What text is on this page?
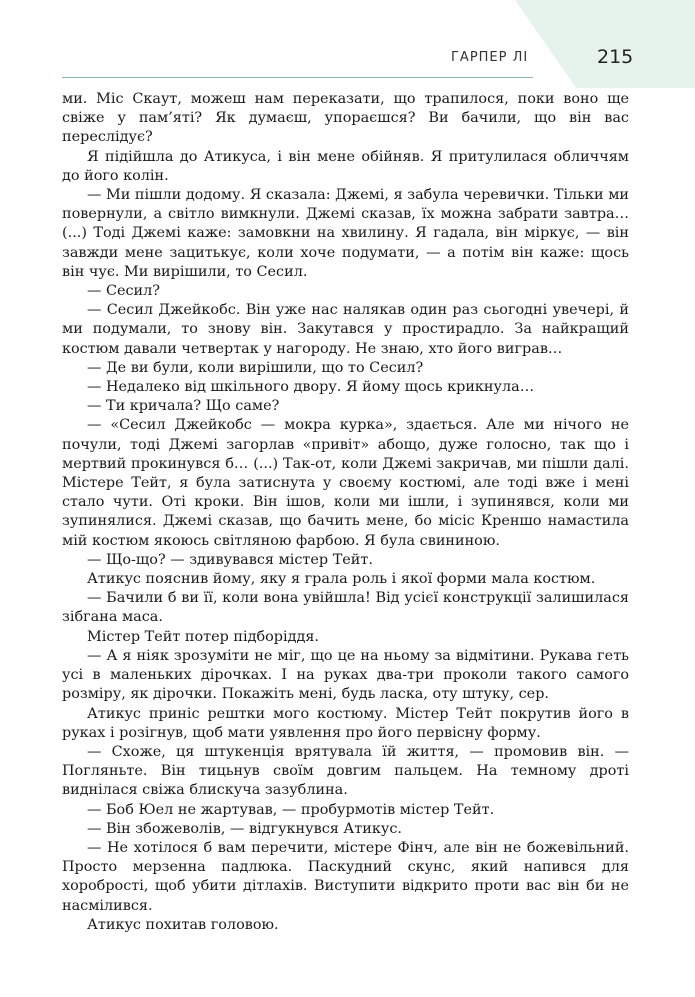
ГАРПЕР ЛІ	215

ми. Міс Скаут, можеш нам переказати, що трапилося, поки воно ще свіже у пам’яті? Як думаєш, упораєшся? Ви бачили, що він вас переслідує?

Я підійшла до Атикуса, і він мене обійняв. Я притулилася обличчям до його колін.

— Ми пішли додому. Я сказала: Джемі, я забула черевички. Тільки ми повернули, а світло вимкнули. Джемі сказав, їх можна забрати завтра… (...) Тоді Джемі каже: замовкни на хвилину. Я гадала, він міркує, — він завжди мене зацитькує, коли хоче подумати, — а потім він каже: щось він чує. Ми вирішили, то Сесил.

— Сесил?

— Сесил Джейкобс. Він уже нас налякав один раз сьогодні увечері, й ми подумали, то знову він. Закутався у простирадло. За найкращий костюм давали четвертак у нагороду. Не знаю, хто його виграв…

— Де ви були, коли вирішили, що то Сесил?

— Недалеко від шкільного двору. Я йому щось крикнула…

— Ти кричала? Що саме?

— «Сесил Джейкобс — мокра курка», здається. Але ми нічого не почули, тоді Джемі загорлав «привіт» абощо, дуже голосно, так що і мертвий прокинувся б… (...) Так-от, коли Джемі закричав, ми пішли далі. Містере Тейт, я була затиснута у своєму костюмі, але тоді вже і мені стало чути. Оті кроки. Він ішов, коли ми ішли, і зупинявся, коли ми зупинялися. Джемі сказав, що бачить мене, бо місіс Креншо намастила мій костюм якоюсь світляною фарбою. Я була свининою.

— Що-що? — здивувався містер Тейт.

Атикус пояснив йому, яку я грала роль і якої форми мала костюм.

— Бачили б ви її, коли вона увійшла! Від усієї конструкції залишилася зібгана маса.

Містер Тейт потер підборіддя.

— А я ніяк зрозуміти не міг, що це на ньому за відмітини. Рукава геть усі в маленьких дірочках. І на руках два-три проколи такого самого розміру, як дірочки. Покажіть мені, будь ласка, оту штуку, сер.

Атикус приніс рештки мого костюму. Містер Тейт покрутив його в руках і розігнув, щоб мати уявлення про його первісну форму.

— Схоже, ця штукенція врятувала їй життя, — промовив він. — Погляньте. Він тицьнув своїм довгим пальцем. На темному дроті виднілася свіжа блискуча зазублина.

— Боб Юел не жартував, — пробурмотів містер Тейт.

— Він збожеволів, — відгукнувся Атикус.

— Не хотілося б вам перечити, містере Фінч, але він не божевільний. Просто мерзенна падлюка. Паскудний скунс, який напився для хоробрості, щоб убити дітлахів. Виступити відкрито проти вас він би не насмілився.

Атикус похитав головою.
